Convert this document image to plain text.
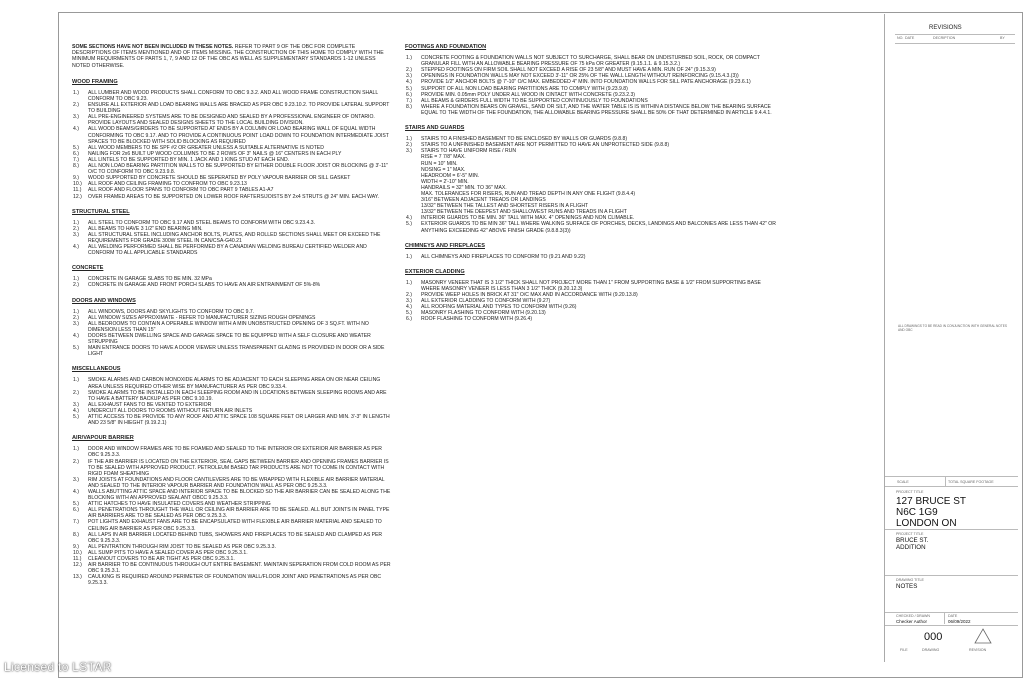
SOME SECTIONS HAVE NOT BEEN INCLUDED IN THESE NOTES. REFER TO PART 9 OF THE OBC FOR COMPLETE DESCRIPTIONS OF ITEMS MENTIONED AND OF ITEMS MISSING. THE CONSTRUCTION OF THIS HOME TO COMPLY WITH THE MINIMUM REQUIRMENTS OF PARTS 1, 7, 9 AND 12 OF THE OBC AS WELL AS SUPPLEMENTARY STANDARDS 1-12 UNLESS NOTED OTHERWISE.
WOOD FRAMING
1.)	ALL LUMBER AND WOOD PRODUCTS SHALL CONFORM TO OBC 9.3.2. AND ALL WOOD FRAME CONSTRUCTION SHALL CONFORM TO OBC 9.23.
2.)	ENSURE ALL EXTERIOR AND LOAD BEARING WALLS ARE BRACED AS PER OBC 9.23.10.2. TO PROVIDE LATERAL SUPPORT TO BUILDING
3.)	ALL PRE-ENGINEERED SYSTEMS ARE TO BE DESIGNED AND SEALED BY A PROFESSIONAL ENGINEER OF ONTARIO. PROVIDE LAYOUTS AND SEALED DESIGNS SHEETS TO THE LOCAL BUILDING DIVISION.
4.)	ALL WOOD BEAMS/GIRDERS TO BE SUPPORTED AT ENDS BY A COLUMN OR LOAD BEARING WALL OF EQUAL WIDTH CONFORMING TO OBC 9.17. AND TO PROVIDE A CONTINUOUS POINT LOAD DOWN TO FOUNDATION INTERMEDIATE JOIST SPACES TO BE BLOCKED WITH SOLID BLOCKING AS REQUIRED
5.)	ALL WOOD MEMBERS TO BE SPF #2 OR GREATER UNLESS A SUITABLE ALTERNATIVE IS NOTED
6.)	NAILING FOR 2x6 BUILT UP WOOD COLUMNS TO BE 2 ROWS OF 3" NAILS @ 16" CENTERS IN EACH PLY
7.)	ALL LINTELS TO BE SUPPORTED BY MIN. 1 JACK AND 1 KING STUD AT EACH END.
8.)	ALL NON LOAD BEARING PARTITION WALLS TO BE SUPPORTED BY EITHER DOUBLE FLOOR JOIST OR BLOCKING @ 3'-11" O/C TO CONFORM TO OBC 9.23.9.8.
9.)	WOOD SUPPORTED BY CONCRETE SHOULD BE SEPERATED BY POLY VAPOUR BARRIER OR SILL GASKET
10.)	ALL ROOF AND CEILING FRAMING TO CONFROM TO OBC 9.23.13
11.)	ALL ROOF AND FLOOR SPANS TO CONFORM TO OBC PART 9 TABLES A1-A7
12.)	OVER FRAMED AREAS TO BE SUPPORTED ON LOWER ROOF RAFTERS/JOISTS BY 2x4 STRUTS @ 24" MIN. EACH WAY.
STRUCTURAL STEEL
1.)	ALL STEEL TO CONFORM TO OBC 9.17 AND STEEL BEAMS TO CONFORM WITH OBC 9.23.4.3.
2.)	ALL BEAMS TO HAVE 3 1/2" END BEARING MIN.
3.)	ALL STRUCTURAL STEEL INCLUDING ANCHOR BOLTS, PLATES, AND ROLLED SECTIONS SHALL MEET OR EXCEED THE REQUIREMENTS FOR GRADE 300W STEEL IN CAN/CSA-G40.21
4.)	ALL WELDING PERFORMED SHALL BE PERFORMED BY A CANADIAN WELDING BUREAU CERTIFIED WELDER AND CONFORM TO ALL APPLICABLE STANDARDS
CONCRETE
1.)	CONCRETE IN GARAGE SLABS TO BE MIN. 32 MPa
2.)	CONCRETE IN GARAGE AND FRONT PORCH SLABS TO HAVE AN AIR ENTRAINMENT OF 5%-8%
DOORS AND WINDOWS
1.)	ALL WINDOWS, DOORS AND SKYLIGHTS TO CONFORM TO OBC 9.7.
2.)	ALL WINDOW SIZES APPROXIMATE - REFER TO MANUFACTURER SIZING ROUGH OPENINGS
3.)	ALL BEDROOMS TO CONTAIN A OPERABLE WINDOW WITH A MIN UNOBSTRUCTED OPENING OF 3 SQ.FT. WITH NO DIMENSION LESS THAN 15"
4.)	DOORS BETWEEN DWELLING SPACE AND GARAGE SPACE TO BE EQUIPPED WITH A SELF CLOSURE AND WEATER STRUPPING
5.)	MAIN ENTRANCE DOORS TO HAVE A DOOR VIEWER UNLESS TRANSPARENT GLAZING IS PROVIDED IN DOOR OR A SIDE LIGHT
MISCELLANEOUS
1.)	SMOKE ALARMS AND CARBON MONOXIDE ALARMS TO BE ADJACENT TO EACH SLEEPING AREA ON OR NEAR CEILING AREA UNLESS REQUIRED OTHER WISE BY MANUFACTURER AS PER OBC 9.33.4.
2.)	SMOKE ALARMS TO BE INSTALLED IN EACH SLEEPING ROOM AND IN LOCATIONS BETWEEN SLEEPING ROOMS AND ARE TO HAVE A BATTERY BACKUP AS PER OBC 9.10.19.
3.)	ALL EXHAUST FANS TO BE VENTED TO EXTERIOR
4.)	UNDERCUT ALL DOORS TO ROOMS WITHOUT RETURN AIR INLETS
5.)	ATTIC ACCESS TO BE PROVIDE TO ANY ROOF AND ATTIC SPACE 108 SQUARE FEET OR LARGER AND MIN. 3'-3" IN LENGTH AND 23 5/8" IN HIEGHT (9.19.2.1)
AIR/VAPOUR BARRIER
1.)	DOOR AND WINDOW FRAMES ARE TO BE FOAMED AND SEALED TO THE INTERIOR OR EXTERIOR AIR BARRIER AS PER OBC 9.25.3.3.
2.)	IF THE AIR BARRIER IS LOCATED ON THE EXTERIOR, SEAL GAPS BETWEEN BARRIER AND OPENING FRAMES BARRIER IS TO BE SEALED WITH APPROVED PRODUCT. PETROLEUM BASED TAR PRODUCTS ARE NOT TO COME IN CONTACT WITH RIGID FOAM SHEATHING
3.)	RIM JOISTS AT FOUNDATIONS AND FLOOR CANTILEVERS ARE TO BE WRAPPED WITH FLEXIBLE AIR BARRIER MATERIAL AND SEALED TO THE INTERIOR VAPOUR BARRIER AND FOUNDATION WALL AS PER OBC 9.25.3.3.
4.)	WALLS ABUTTING ATTIC SPACE AND INTERIOR SPACE TO BE BLOCKED SO THE AIR BARRIER CAN BE SEALED ALONG THE BLOCKING WITH AN APPROVED SEALANT OBCC 9.25.3.3.
5.)	ATTIC HATCHES TO HAVE INSULATED COVERS AND WEATHER STRIPPING
6.)	ALL PENETRATIONS THROUGHT THE WALL OR CEILING AIR BARRIER ARE TO BE SEALED. ALL BUT JOINTS IN PANEL TYPE AIR BARRIERS ARE TO BE SEALED AS PER OBC 9.25.3.3.
7.)	POT LIGHTS AND EXHAUST FANS ARE TO BE ENCAPSULATED WITH FLEXIBLE AIR BARRIER MATERIAL AND SEALED TO CEILING AIR BARRIER AS PER OBC 9.25.3.3.
8.)	ALL LAPS IN AIR BARRIER LOCATED BEHIND TUBS, SHOWERS AND FIREPLACES TO BE SEALED AND CLAMPED AS PER OBC 9.25.3.3.
9.)	ALL PENTRATION THROUGH RIM JOIST TO BE SEALED AS PER OBC 9.25.3.3.
10.)	ALL SUMP PITS TO HAVE A SEALED COVER AS PER OBC 9.25.3.1.
11.)	CLEANOUT COVERS TO BE AIR TIGHT AS PER OBC 9.25.3.1.
12.)	AIR BARRIER TO BE CONTINUOUS THROUGH OUT ENTIRE BASEMENT. MAINTAIN SEPERATION FROM COLD ROOM AS PER OBC 9.25.3.1.
13.)	CAULKING IS REQUIRED AROUND PERIMETER OF FOUNDATION WALL/FLOOR JOINT AND PENETRATIONS AS PER OBC 9.25.3.3.
FOOTINGS AND FOUNDATION
1.)	CONCRETE FOOTING & FOUNDATION WALLS NOT SUBJECT TO SURCHARGE, SHALL BEAR ON UNDISTURBED SOIL, ROCK, OR COMPACT GRANULAR FILL WITH AN ALLOWABLE BEARING PRESSURE OF 75 kPa OR GREATER (9.15.1.1. & 9.15.3.2.)
2.)	STEPPED FOOTINGS ON FIRM SOIL SHALL NOT EXCEED A RISE OF 23 5/8" AND MUST HAVE A MIN. RUN OF 24" (9.15.3.9)
3.)	OPENINGS IN FOUNDATION WALLS MAY NOT EXCEED 3'-11" OR 25% OF THE WALL LENGTH WITHOUT REINFORCING (9.15.4.3.(3))
4.)	PROVIDE 1/2" ANCHOR BOLTS @ 7'-10" O/C MAX. EMBEDDED 4" MIN. INTO FOUNDATION WALLS FOR SILL PATE ANCHORAGE (9.23.6.1)
5.)	SUPPORT OF ALL NON LOAD BEARING PARTITIONS ARE TO COMPLY WITH (9.23.9.8)
6.)	PROVIDE MIN. 0.05mm POLY UNDER ALL WOOD IN CINTACT WITH CONCRETE (9.23.2.3)
7.)	ALL BEAMS & GIRDERS FULL WIDTH TO BE SUPPORTED CONTINUOUSLY TO FOUNDATIONS
8.)	WHERE A FOUNDATION BEARS ON GRAVEL, SAND OR SILT, AND THE WATER TABLE IS IS WITHIN A DISTANCE BELOW THE BEARING SURFACE EQUAL TO THE WIDTH OF THE FOUNDATION, THE ALLOWABLE BEARING PRESSURE SHALL BE 50% OF THAT DETERMINED IN ARTICLE 9.4.4.1.
STAIRS AND GUARDS
1.)	STAIRS TO A FINISHED BASEMENT TO BE ENCLOSED BY WALLS OR GUARDS (9.8.8)
2.)	STAIRS TO A UNFINISHED BASEMENT ARE NOT PERMITTED TO HAVE AN UNPROTECTED SIDE (9.8.8)
3.)	STAIRS TO HAVE UNIFORM RISE / RUN
RISE = 7 7/8" MAX.
RUN = 10" MIN.
NOSING = 1" MAX.
HEADROOM = 6'-5" MIN.
WIDTH = 2'-10" MIN.
HANDRAILS = 32" MIN. TO 36" MAX.
MAX. TOLERANCES FOR RISERS, RUN AND TREAD DEPTH IN ANY ONE FLIGHT (9.8.4.4)
3/16" BETWEEN ADJACENT TREADS OR LANDINGS
13/32" BETWEEN THE TALLEST AND SHORTEST RISERS IN A FLIGHT
13/32" BETWEEN THE DEEPEST AND SHALLOWEST RUNS AND TREADS IN A FLIGHT
4.)	INTERIOR GUARDS TO BE MIN. 36" TALL WITH MAX. 4" OPENINGS AND NON CLIMABLE.
5.)	EXTERIOR GUARDS TO BE MIN 36" TALL WHERE WALKING SURFACE OF PORCHES, DECKS, LANDINGS AND BALCONIES ARE LESS THAN 42" OR ANYTHING EXCEEDING 42" ABOVE FINISH GRADE (9.8.8.3(3))
CHIMNEYS AND FIREPLACES
1.)	ALL CHIMNEYS AND FIREPLACES TO CONFORM TO (9.21 AND 9.22)
EXTERIOR CLADDING
1.)	MASONRY VENEER THAT IS 3 1/2" THICK SHALL NOT PROJECT MORE THAN 1" FROM SUPPORTING BASE & 1/2" FROM SUPPORTING BASE WHERE MASONRY VENEER IS LESS THAN 3 1/2" THICK (9.20.12.3)
2.)	PROVIDE WEEP HOLES IN BRICK AT 31" O/C MAX AND IN ACCORDANCE WITH (9.20.13.8)
3.)	ALL EXTERIOR CLADDING TO CONFORM WITH (9.27)
4.)	ALL ROOFING MATERIAL AND TYPES TO CONFORM WITH (9.26)
5.)	MASONRY FLASHING TO CONFORM WITH (9.20.13)
6.)	ROOF FLASHING TO CONFORM WITH (9.26.4)
REVISIONS
NO. DATE	DECRIPTION	BY
ALL DRAWINGS TO BE READ IN CONJUNCTION WITH GENERAL NOTES AND OBC
SCALE	TOTAL SQUARE FOOTAGE
PROJECT TITLE
127 BRUCE ST
N6C 1G9
LONDON ON
PROJECT TITLE
BRUCE ST.
ADDITION
DRAWING TITLE
NOTES
CHECKED / DRAWN	DATE
Checker Author	06/09/2022
000
FILE	DRAWING	REVISION
Licensed to LSTAR
